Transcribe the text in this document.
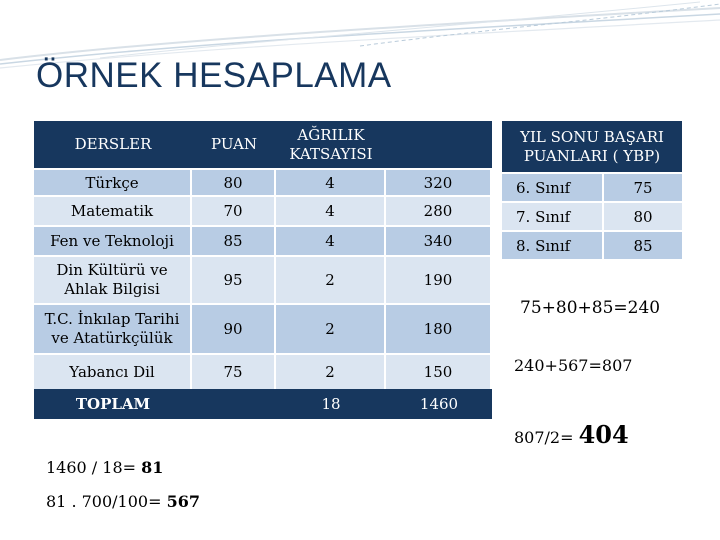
ÖRNEK HESAPLAMA
DERSLER	PUAN	AĞRILIK
KATSAYISI	
Türkçe	80	4	320
Matematik	70	4	280
Fen ve Teknoloji	85	4	340
Din Kültürü ve
Ahlak Bilgisi	95	2	190
T.C. İnkılap Tarihi
ve Atatürkçülük	90	2	180
Yabancı Dil	75	2	150
TOPLAM		18	1460
YIL SONU BAŞARI
PUANLARI ( YBP)	
6. Sınıf	75
7. Sınıf	80
8. Sınıf	85
75+80+85=240
240+567=807
807/2= 404
1460 / 18= 81
81 . 700/100= 567
